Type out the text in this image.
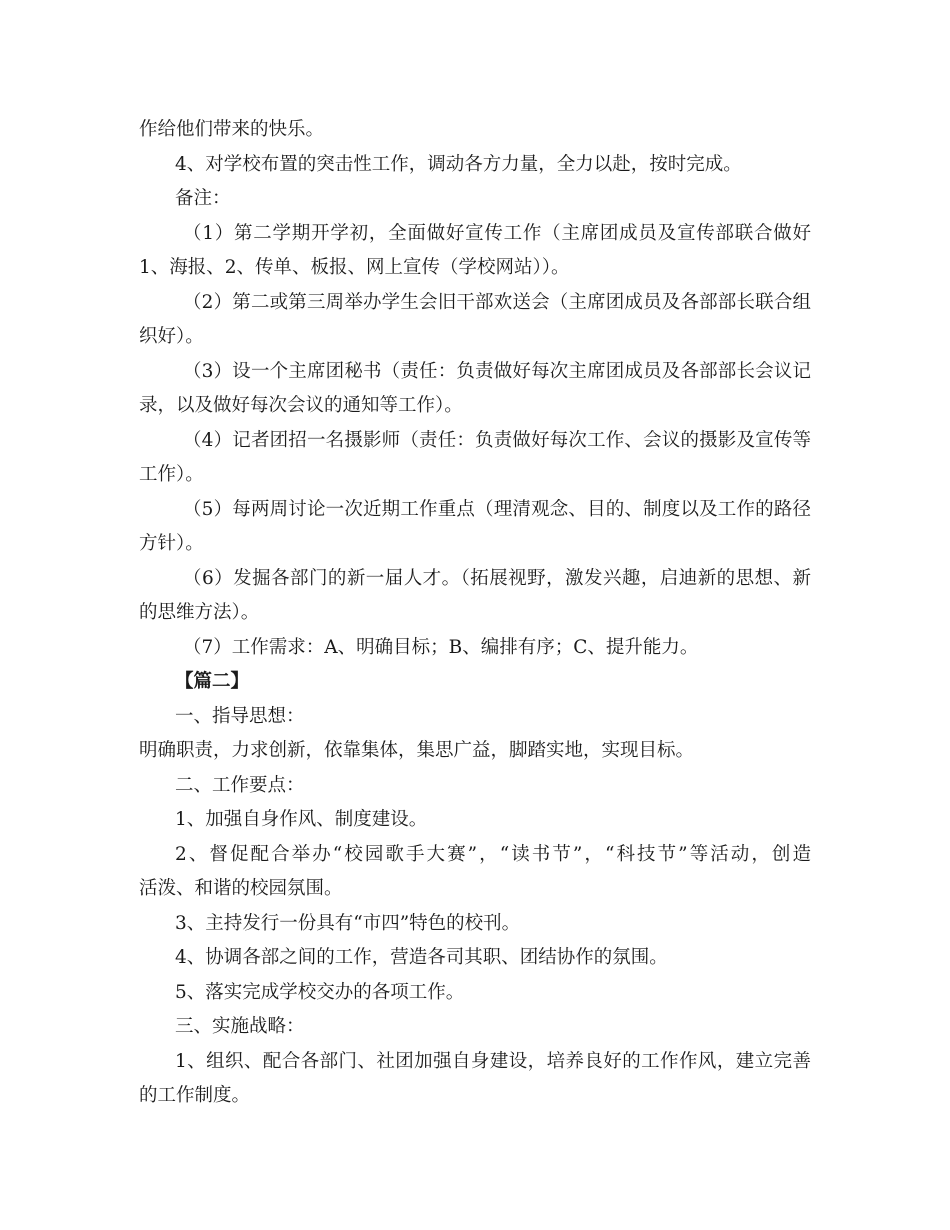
作给他们带来的快乐。
4、对学校布置的突击性工作，调动各方力量，全力以赴，按时完成。
备注：
（1）第二学期开学初，全面做好宣传工作（主席团成员及宣传部联合做好
1、海报、2、传单、板报、网上宣传（学校网站））。
（2）第二或第三周举办学生会旧干部欢送会（主席团成员及各部部长联合组
织好）。
（3）设一个主席团秘书（责任：负责做好每次主席团成员及各部部长会议记
录，以及做好每次会议的通知等工作）。
（4）记者团招一名摄影师（责任：负责做好每次工作、会议的摄影及宣传等
工作）。
（5）每两周讨论一次近期工作重点（理清观念、目的、制度以及工作的路径
方针）。
（6）发掘各部门的新一届人才。（拓展视野，激发兴趣，启迪新的思想、新
的思维方法）。
（7）工作需求：A、明确目标；B、编排有序；C、提升能力。
【篇二】
一、指导思想：
明确职责，力求创新，依靠集体，集思广益，脚踏实地，实现目标。
二、工作要点：
1、加强自身作风、制度建设。
2、督促配合举办“校园歌手大赛”，“读书节”，“科技节”等活动，创造
活泼、和谐的校园氛围。
3、主持发行一份具有“市四”特色的校刊。
4、协调各部之间的工作，营造各司其职、团结协作的氛围。
5、落实完成学校交办的各项工作。
三、实施战略：
1、组织、配合各部门、社团加强自身建设，培养良好的工作作风，建立完善
的工作制度。
